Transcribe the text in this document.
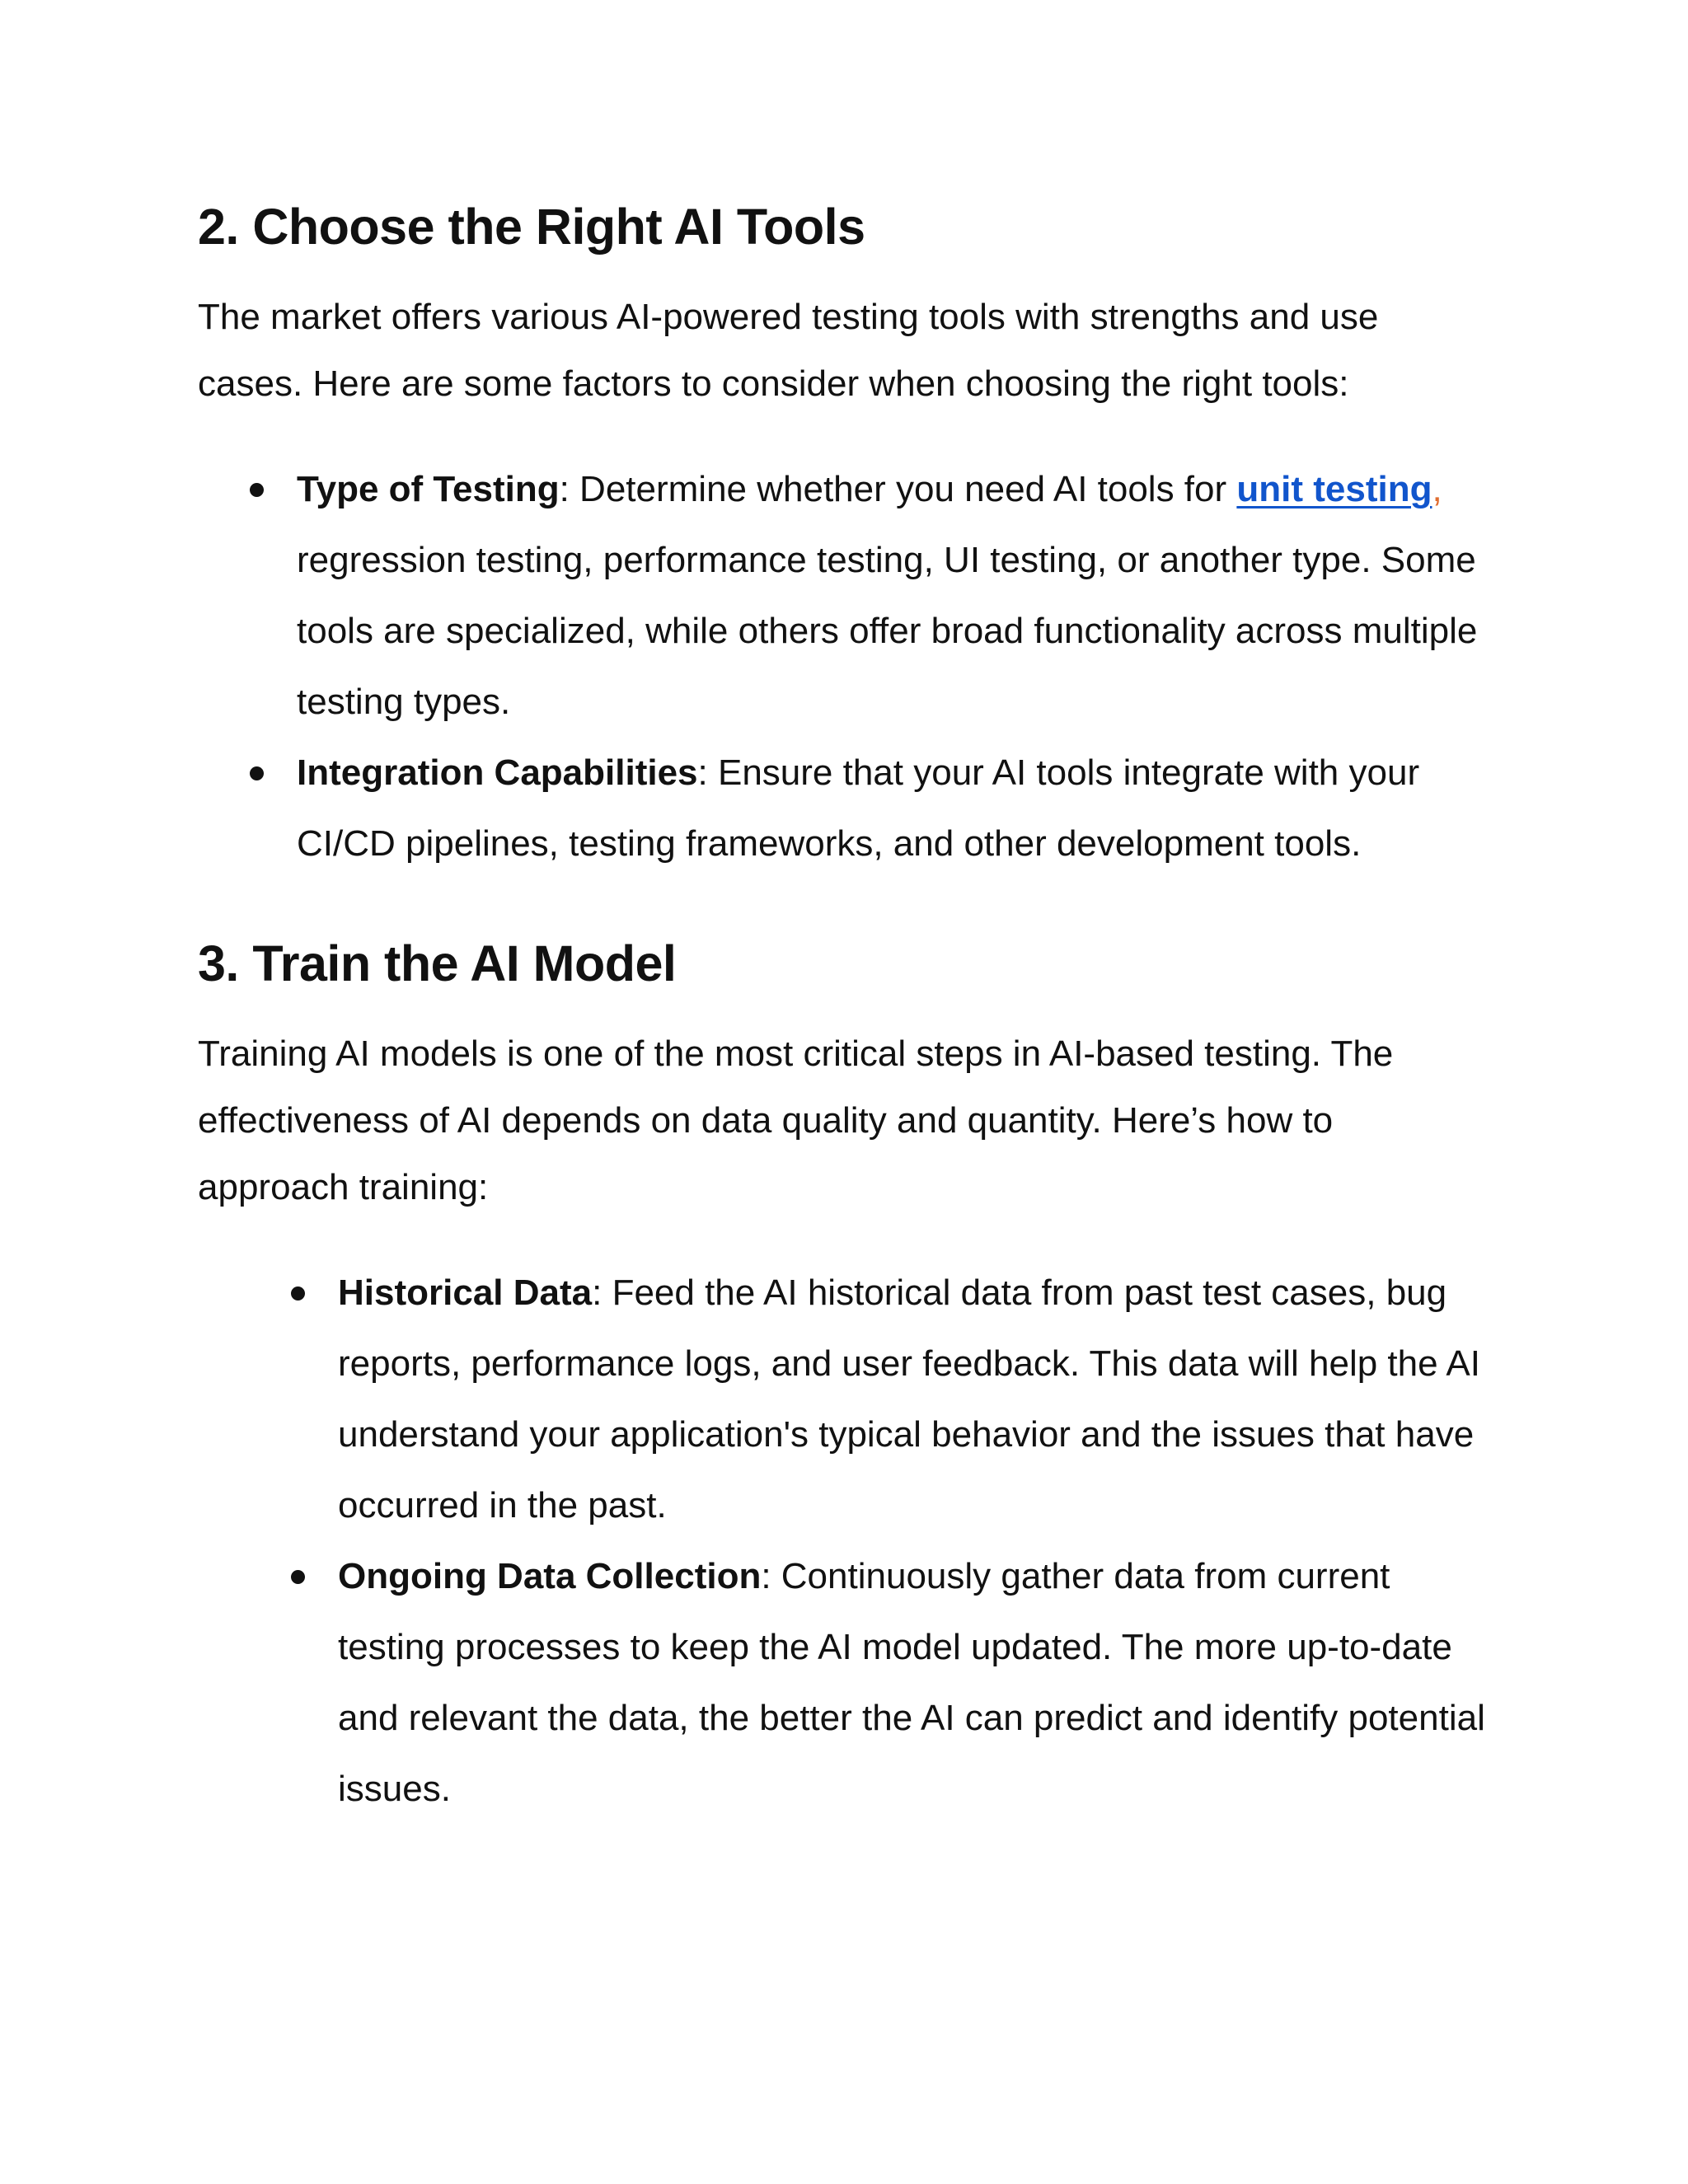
2. Choose the Right AI Tools

The market offers various AI-powered testing tools with strengths and use cases. Here are some factors to consider when choosing the right tools:

Type of Testing: Determine whether you need AI tools for unit testing, regression testing, performance testing, UI testing, or another type. Some tools are specialized, while others offer broad functionality across multiple testing types.
Integration Capabilities: Ensure that your AI tools integrate with your CI/CD pipelines, testing frameworks, and other development tools.
3. Train the AI Model

Training AI models is one of the most critical steps in AI-based testing. The effectiveness of AI depends on data quality and quantity. Here’s how to approach training:

Historical Data: Feed the AI historical data from past test cases, bug reports, performance logs, and user feedback. This data will help the AI understand your application's typical behavior and the issues that have occurred in the past.
Ongoing Data Collection: Continuously gather data from current testing processes to keep the AI model updated. The more up-to-date and relevant the data, the better the AI can predict and identify potential issues.
